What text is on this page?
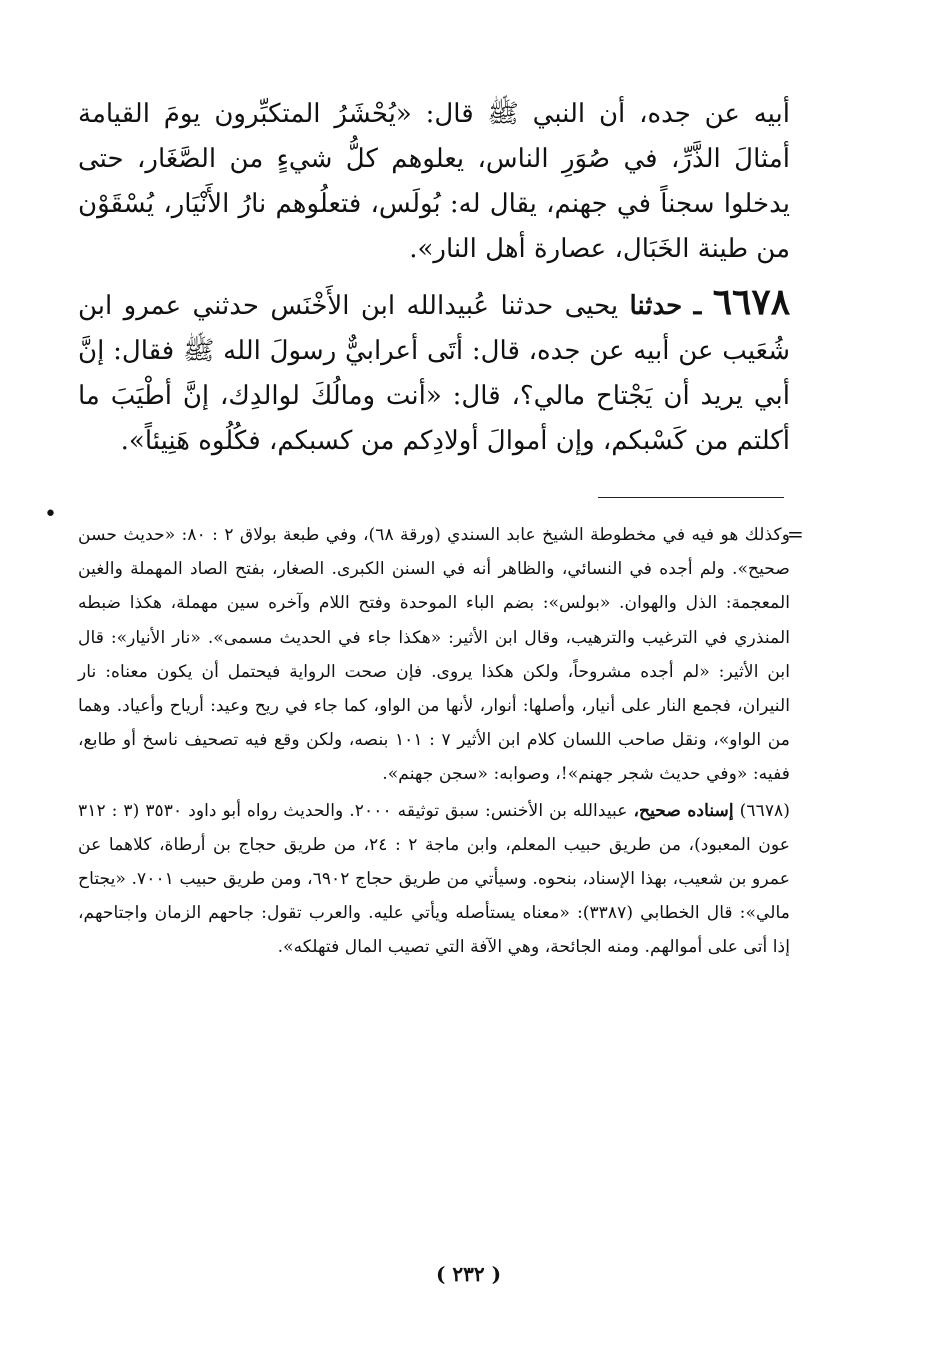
أبيه عن جده، أن النبي ﷺ قال: «يُحْشَرُ المتكبِّرون يومَ القيامة أمثالَ الذَّرِّ، في صُوَرِ الناس، يعلوهم كلُّ شيءٍ من الصَّغَار، حتى يدخلوا سجناً في جهنم، يقال له: بُولَس، فتعلُوهم نارُ الأَنْيَار، يُسْقَوْن من طينة الخَبَال، عصارة أهل النار».

٦٦٧٨ ـ حدثنا يحيى حدثنا عُبيدالله ابن الأَخْنَس حدثني عمرو ابن شُعَيب عن أبيه عن جده، قال: أتَى أعرابيٌّ رسولَ الله ﷺ فقال: إنَّ أبي يريد أن يَجْتاح مالي؟، قال: «أنت ومالُكَ لوالدِك، إنَّ أطْيَبَ ما أكلتم من كَسْبكم، وإن أموالَ أولادِكم من كسبكم، فكُلُوه هَنِيئاً».

=
•

وكذلك هو فيه في مخطوطة الشيخ عابد السندي (ورقة ٦٨)، وفي طبعة بولاق ٢ : ٨٠: «حديث حسن صحيح». ولم أجده في النسائي، والظاهر أنه في السنن الكبرى. الصغار، بفتح الصاد المهملة والغين المعجمة: الذل والهوان. «بولس»: بضم الباء الموحدة وفتح اللام وآخره سين مهملة، هكذا ضبطه المنذري في الترغيب والترهيب، وقال ابن الأثير: «هكذا جاء في الحديث مسمى». «نار الأنيار»: قال ابن الأثير: «لم أجده مشروحاً، ولكن هكذا يروى. فإن صحت الرواية فيحتمل أن يكون معناه: نار النيران، فجمع النار على أنيار، وأصلها: أنوار، لأنها من الواو، كما جاء في ريح وعيد: أرياح وأعياد. وهما من الواو»، ونقل صاحب اللسان كلام ابن الأثير ٧ : ١٠١ بنصه، ولكن وقع فيه تصحيف ناسخ أو طابع، ففيه: «وفي حديث شجر جهنم»!، وصوابه: «سجن جهنم».

(٦٦٧٨) إسناده صحيح، عبيدالله بن الأخنس: سبق توثيقه ٢٠٠٠. والحديث رواه أبو داود ٣٥٣٠ (٣ : ٣١٢ عون المعبود)، من طريق حبيب المعلم، وابن ماجة ٢ : ٢٤، من طريق حجاج بن أرطاة، كلاهما عن عمرو بن شعيب، بهذا الإسناد، بنحوه. وسيأتي من طريق حجاج ٦٩٠٢، ومن طريق حبيب ٧٠٠١. «يجتاح مالي»: قال الخطابي (٣٣٨٧): «معناه يستأصله ويأتي عليه. والعرب تقول: جاحهم الزمان واجتاحهم، إذا أتى على أموالهم. ومنه الجائحة، وهي الآفة التي تصيب المال فتهلكه».

( ٢٣٢ )
